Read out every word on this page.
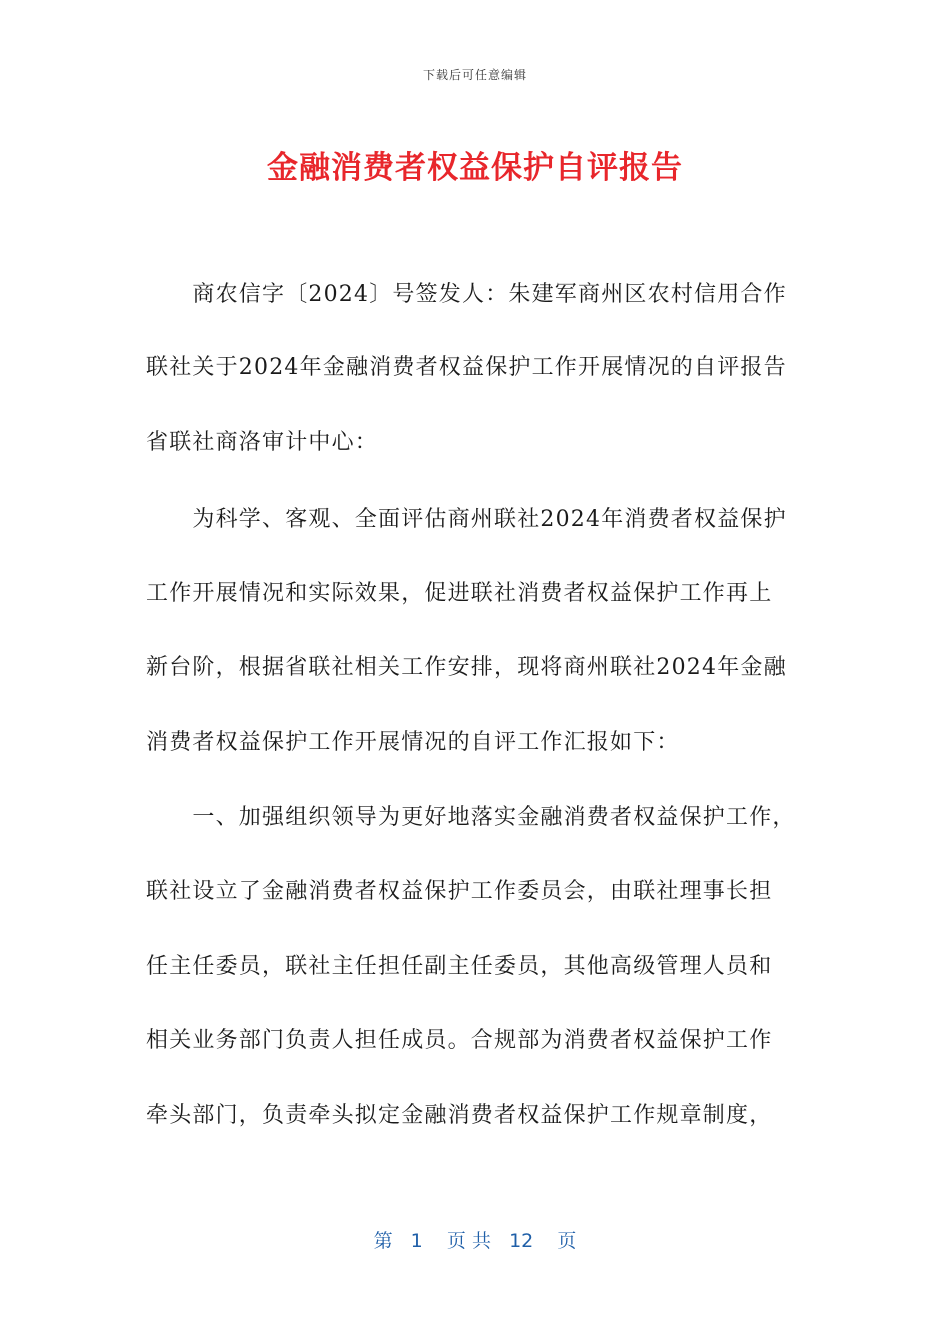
下载后可任意编辑
金融消费者权益保护自评报告
　　商农信字〔2024〕号签发人：朱建军商州区农村信用合作
联社关于2024年金融消费者权益保护工作开展情况的自评报告
省联社商洛审计中心：
　　为科学、客观、全面评估商州联社2024年消费者权益保护
工作开展情况和实际效果，促进联社消费者权益保护工作再上
新台阶，根据省联社相关工作安排，现将商州联社2024年金融
消费者权益保护工作开展情况的自评工作汇报如下：
　　一、加强组织领导为更好地落实金融消费者权益保护工作，
联社设立了金融消费者权益保护工作委员会，由联社理事长担
任主任委员，联社主任担任副主任委员，其他高级管理人员和
相关业务部门负责人担任成员。合规部为消费者权益保护工作
牵头部门，负责牵头拟定金融消费者权益保护工作规章制度，
第   1    页 共   12    页
